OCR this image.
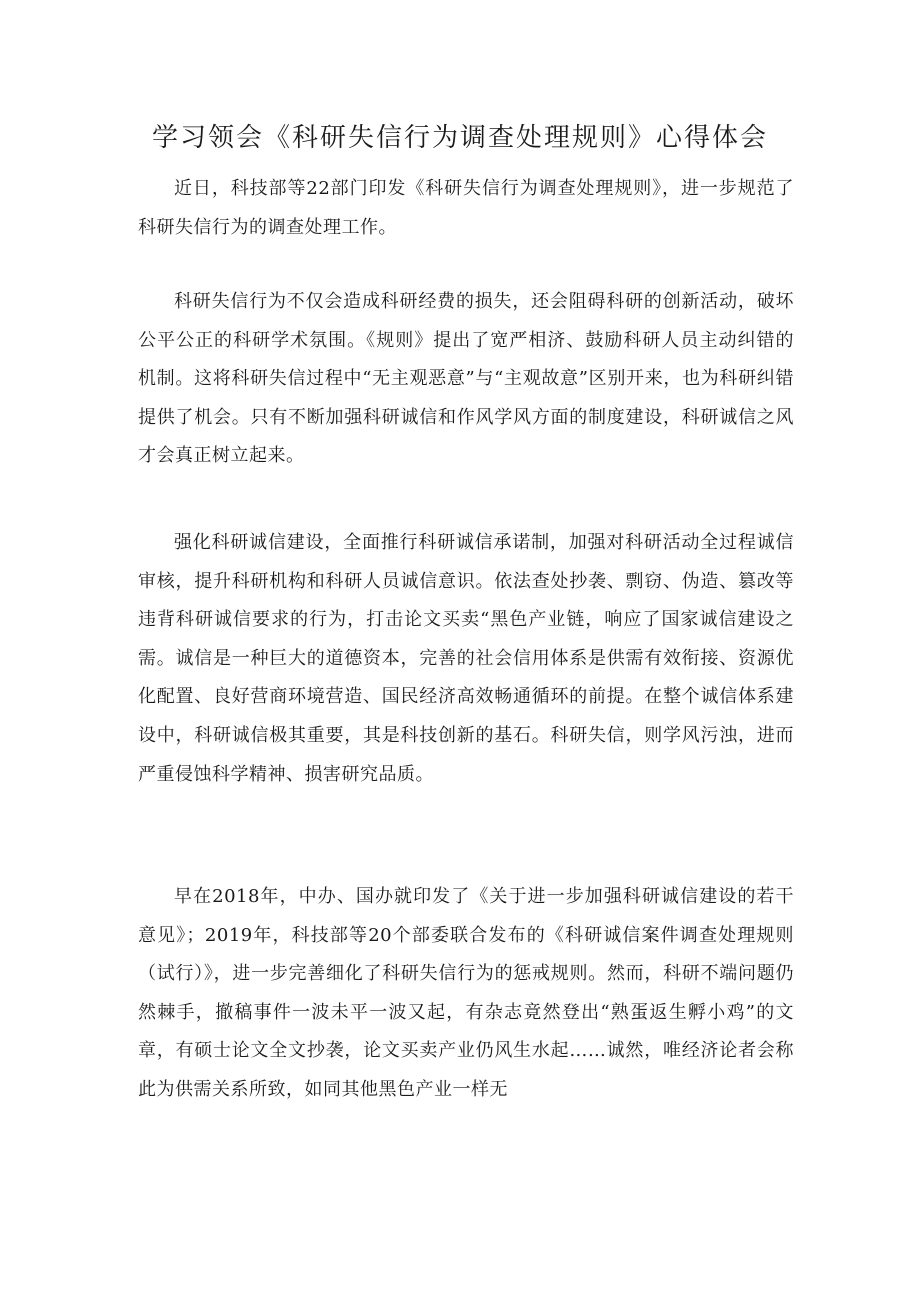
学习领会《科研失信行为调查处理规则》心得体会

近日，科技部等22部门印发《科研失信行为调查处理规则》，进一步规范了科研失信行为的调查处理工作。

科研失信行为不仅会造成科研经费的损失，还会阻碍科研的创新活动，破坏公平公正的科研学术氛围。《规则》提出了宽严相济、鼓励科研人员主动纠错的机制。这将科研失信过程中“无主观恶意”与“主观故意”区别开来，也为科研纠错提供了机会。只有不断加强科研诚信和作风学风方面的制度建设，科研诚信之风才会真正树立起来。

强化科研诚信建设，全面推行科研诚信承诺制，加强对科研活动全过程诚信审核，提升科研机构和科研人员诚信意识。依法查处抄袭、剽窃、伪造、篡改等违背科研诚信要求的行为，打击论文买卖“黑色产业链，响应了国家诚信建设之需。诚信是一种巨大的道德资本，完善的社会信用体系是供需有效衔接、资源优化配置、良好营商环境营造、国民经济高效畅通循环的前提。在整个诚信体系建设中，科研诚信极其重要，其是科技创新的基石。科研失信，则学风污浊，进而严重侵蚀科学精神、损害研究品质。

早在2018年，中办、国办就印发了《关于进一步加强科研诚信建设的若干意见》；2019年，科技部等20个部委联合发布的《科研诚信案件调查处理规则（试行）》，进一步完善细化了科研失信行为的惩戒规则。然而，科研不端问题仍然棘手，撤稿事件一波未平一波又起，有杂志竟然登出“熟蛋返生孵小鸡”的文章，有硕士论文全文抄袭，论文买卖产业仍风生水起……诚然，唯经济论者会称此为供需关系所致，如同其他黑色产业一样无
